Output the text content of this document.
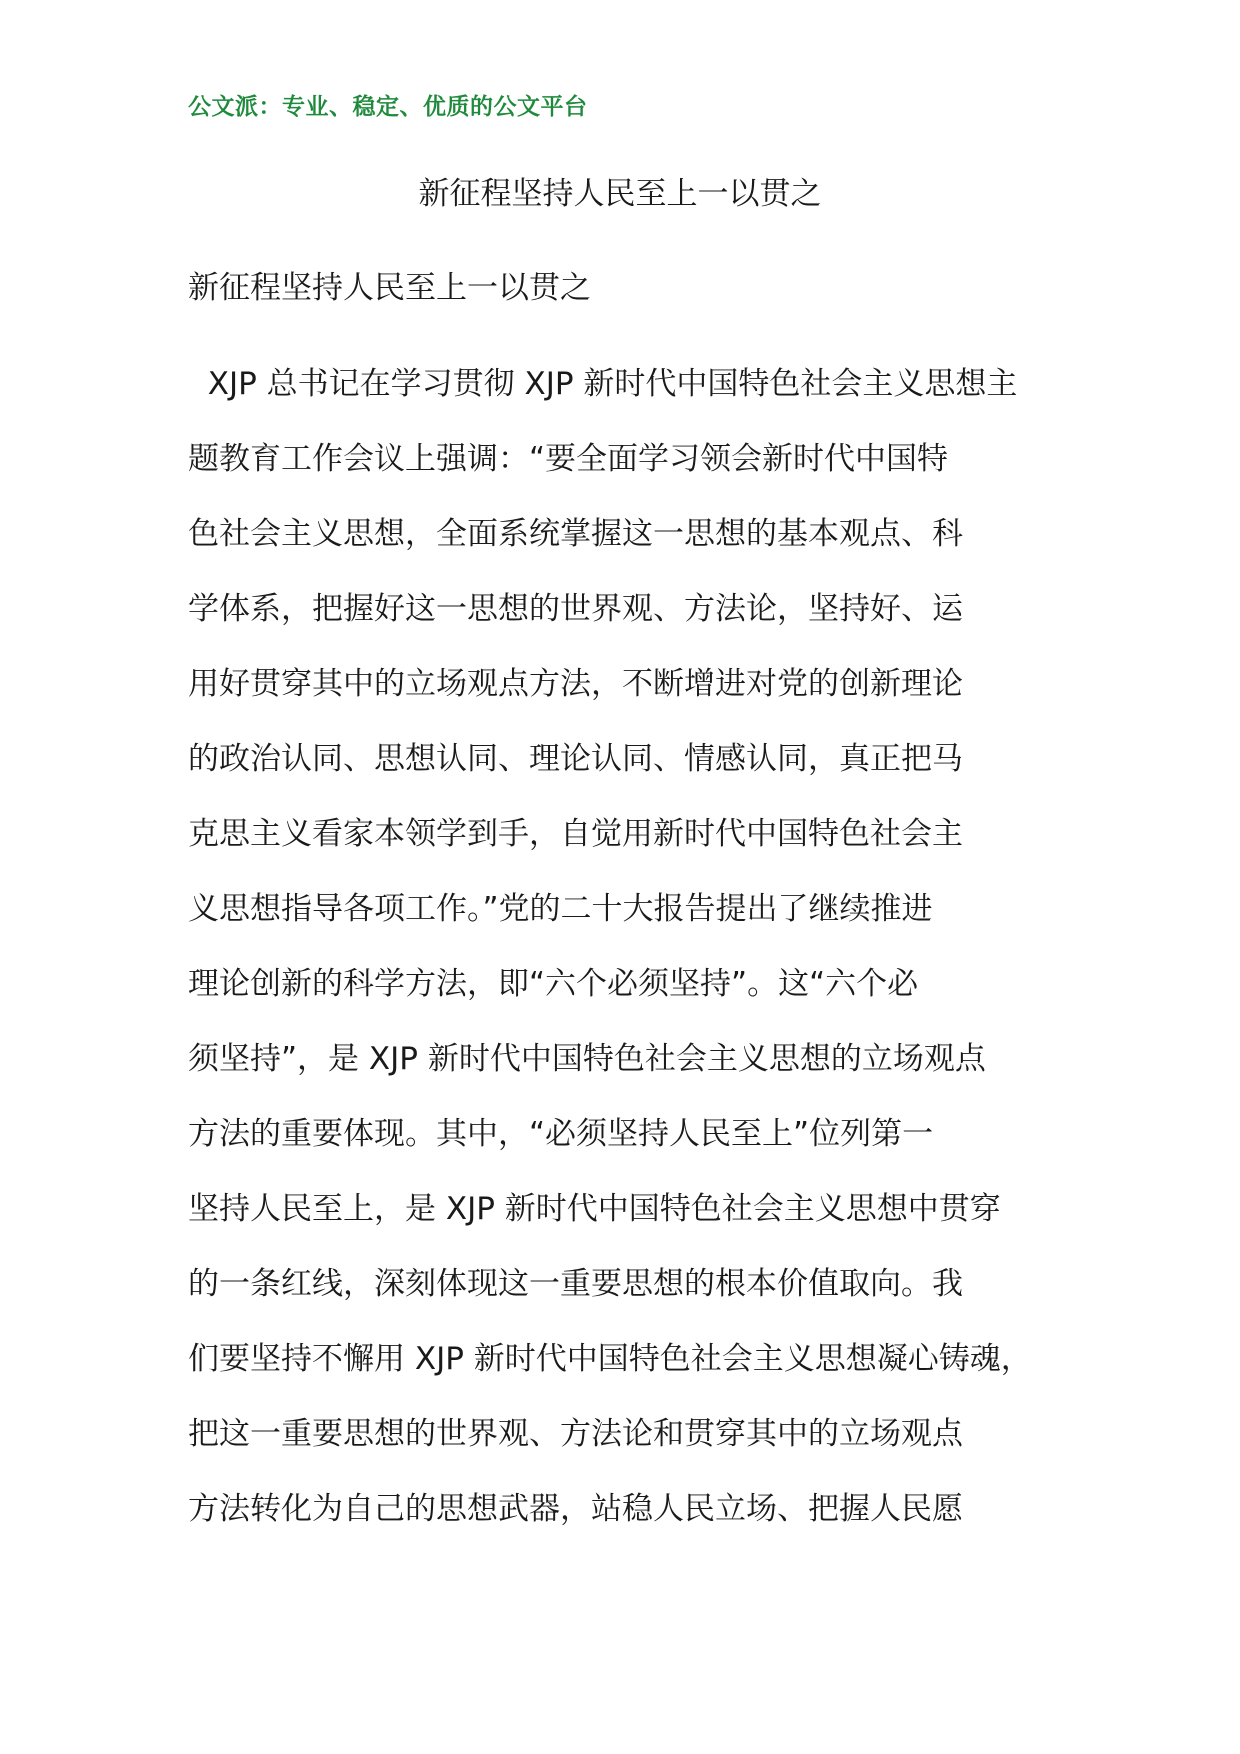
公文派：专业、稳定、优质的公文平台
新征程坚持人民至上一以贯之
新征程坚持人民至上一以贯之
XJP 总书记在学习贯彻 XJP 新时代中国特色社会主义思想主
题教育工作会议上强调：“要全面学习领会新时代中国特
色社会主义思想，全面系统掌握这一思想的基本观点、科
学体系，把握好这一思想的世界观、方法论，坚持好、运
用好贯穿其中的立场观点方法，不断增进对党的创新理论
的政治认同、思想认同、理论认同、情感认同，真正把马
克思主义看家本领学到手，自觉用新时代中国特色社会主
义思想指导各项工作。”党的二十大报告提出了继续推进
理论创新的科学方法，即“六个必须坚持”。这“六个必
须坚持”，是 XJP 新时代中国特色社会主义思想的立场观点
方法的重要体现。其中，“必须坚持人民至上”位列第一
坚持人民至上，是 XJP 新时代中国特色社会主义思想中贯穿
的一条红线，深刻体现这一重要思想的根本价值取向。我
们要坚持不懈用 XJP 新时代中国特色社会主义思想凝心铸魂，
把这一重要思想的世界观、方法论和贯穿其中的立场观点
方法转化为自己的思想武器，站稳人民立场、把握人民愿
